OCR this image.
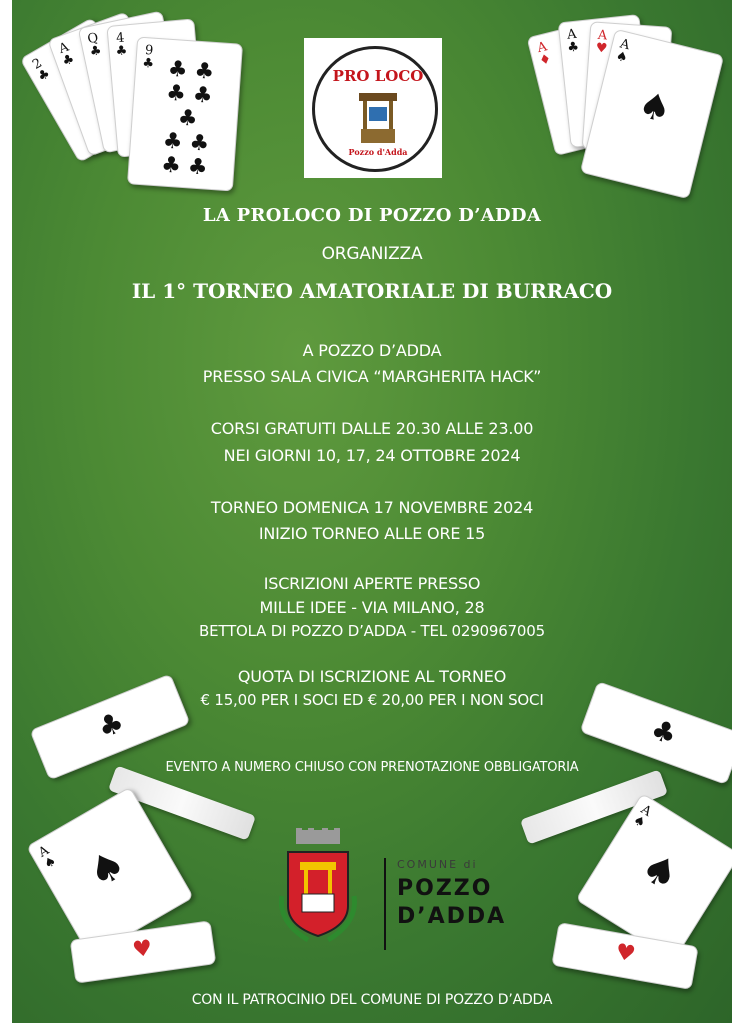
2
♣
A
♣
Q
♣
4
♣ 9
♣ ♣ ♣
♣ ♣
♣
♣ ♣
♣ ♣
A
♦
A
♣
A
♥ A
♠
♠
PRO LOCO
Pozzo d'Adda
LA PROLOCO DI POZZO D’ADDA
ORGANIZZA
IL 1° TORNEO AMATORIALE DI BURRACO
A POZZO D’ADDA
PRESSO SALA CIVICA “MARGHERITA HACK”
CORSI GRATUITI DALLE 20.30 ALLE 23.00
NEI GIORNI 10, 17, 24 OTTOBRE 2024
TORNEO DOMENICA 17 NOVEMBRE 2024
INIZIO TORNEO ALLE ORE 15
ISCRIZIONI APERTE PRESSO
MILLE IDEE - VIA MILANO, 28
BETTOLA DI POZZO D’ADDA - TEL 0290967005
QUOTA DI ISCRIZIONE AL TORNEO
€ 15,00 PER I SOCI ED € 20,00 PER I NON SOCI
EVENTO A NUMERO CHIUSO CON PRENOTAZIONE OBBLIGATORIA
♣	♣
A
♠ ♠
A
♠
♠
♥	♥
COMUNE di
POZZO
D’ADDA
CON IL PATROCINIO DEL COMUNE DI POZZO D’ADDA
